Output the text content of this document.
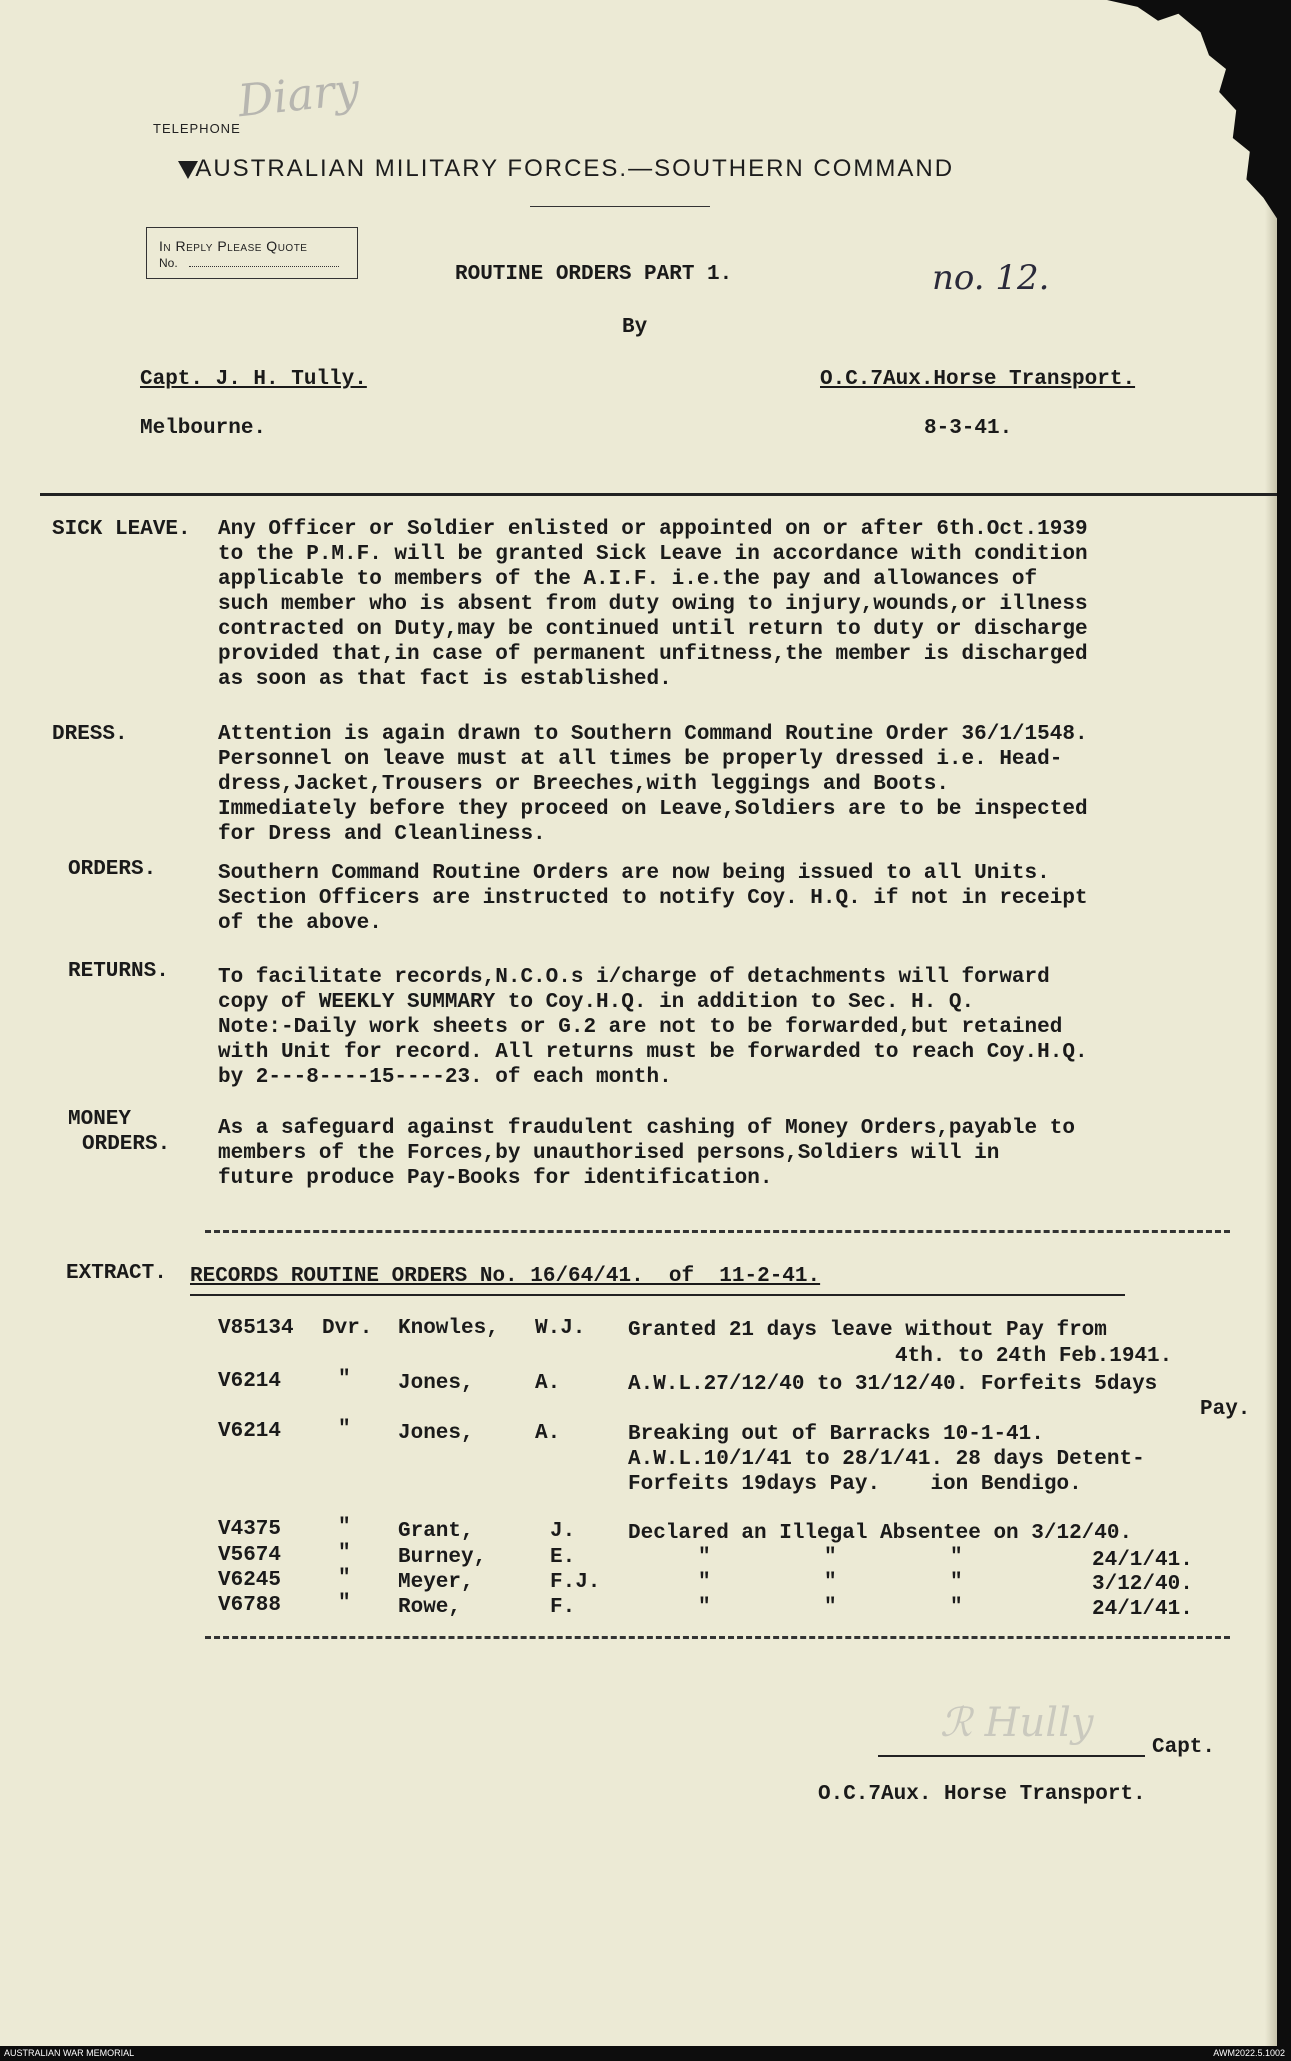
Diary
TELEPHONE
AUSTRALIAN MILITARY FORCES.—SOUTHERN COMMAND
In Reply Please Quote
No.	ROUTINE ORDERS PART 1.	no. 12.
By
Capt. J. H. Tully.	O.C.7Aux.Horse Transport.
Melbourne.	8-3-41.
SICK LEAVE. Any Officer or Soldier enlisted or appointed on or after 6th.Oct.1939
to the P.M.F. will be granted Sick Leave in accordance with condition
applicable to members of the A.I.F. i.e.the pay and allowances of
such member who is absent from duty owing to injury,wounds,or illness
contracted on Duty,may be continued until return to duty or discharge
provided that,in case of permanent unfitness,the member is discharged
as soon as that fact is established.
DRESS.	Attention is again drawn to Southern Command Routine Order 36/1/1548.
Personnel on leave must at all times be properly dressed i.e. Head-
dress,Jacket,Trousers or Breeches,with leggings and Boots.
Immediately before they proceed on Leave,Soldiers are to be inspected
for Dress and Cleanliness.
ORDERS.	Southern Command Routine Orders are now being issued to all Units.
Section Officers are instructed to notify Coy. H.Q. if not in receipt
of the above.
RETURNS. To facilitate records,N.C.O.s i/charge of detachments will forward
copy of WEEKLY SUMMARY to Coy.H.Q. in addition to Sec. H. Q.
Note:-Daily work sheets or G.2 are not to be forwarded,but retained
with Unit for record. All returns must be forwarded to reach Coy.H.Q.
by 2---8----15----23. of each month.
MONEY
ORDERS.
As a safeguard against fraudulent cashing of Money Orders,payable to
members of the Forces,by unauthorised persons,Soldiers will in
future produce Pay-Books for identification.
EXTRACT. RECORDS ROUTINE ORDERS No. 16/64/41.  of  11-2-41.
V85134 Dvr. Knowles, W.J. Granted 21 days leave without Pay from
4th. to 24th Feb.1941.
V6214	" Jones,	A.	A.W.L.27/12/40 to 31/12/40. Forfeits 5days
Pay.
V6214	" Jones,	A.	Breaking out of Barracks 10-1-41.
A.W.L.10/1/41 to 28/1/41. 28 days Detent-
Forfeits 19days Pay.    ion Bendigo.
V4375	" Grant,	J.	Declared an Illegal Absentee on 3/12/40.
V5674	" Burney,	E.	"         "         "	24/1/41.
V6245	" Meyer,	F.J.	"         "         "	3/12/40.
V6788	" Rowe,	F.	"         "         "	24/1/41.
ℛ Hully
Capt.
O.C.7Aux. Horse Transport.
AUSTRALIAN WAR MEMORIAL	AWM2022.5.1002
